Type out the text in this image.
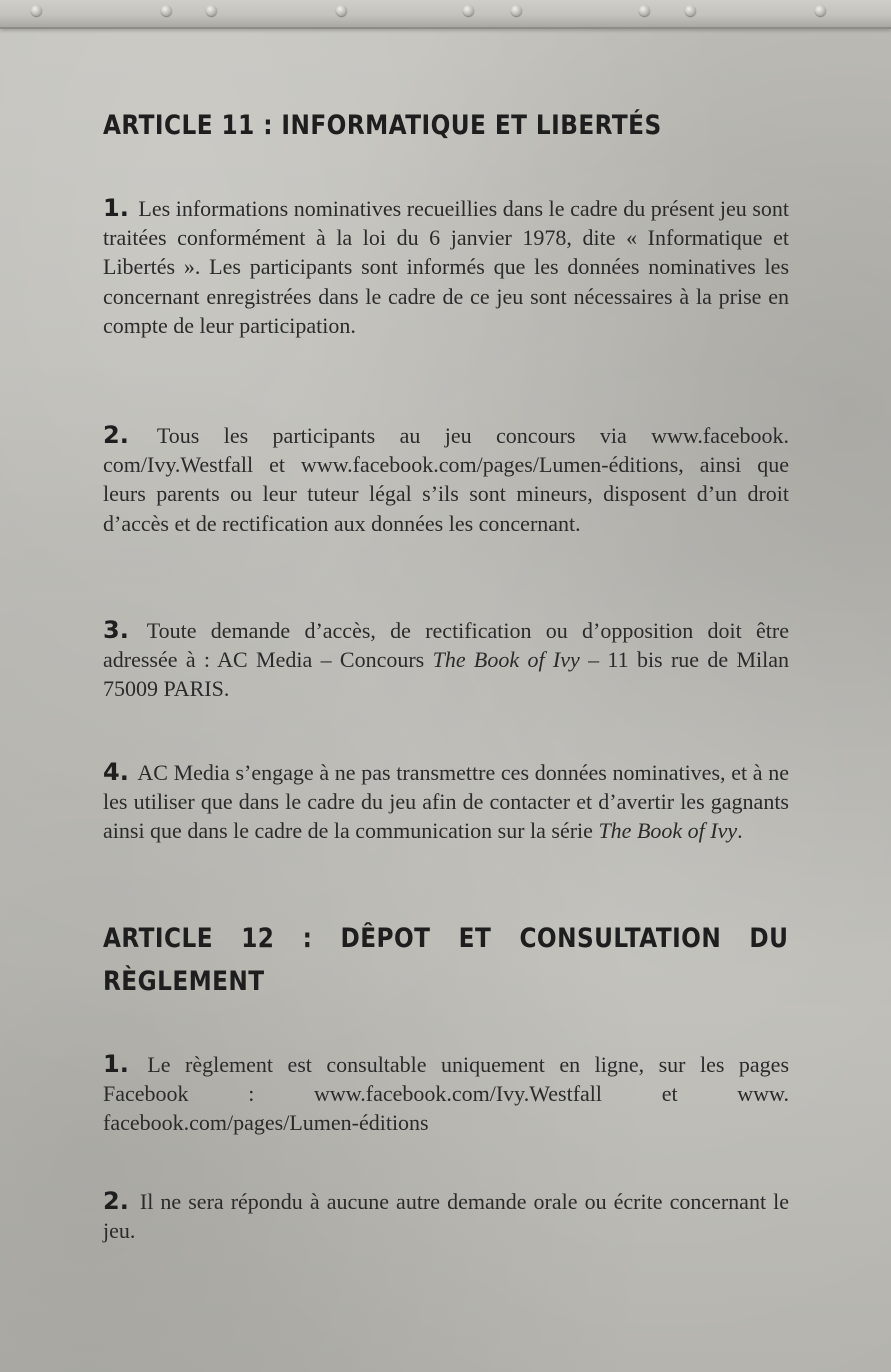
ARTICLE 11 : INFORMATIQUE ET LIBERTÉS

1. Les informations nominatives recueillies dans le cadre du présent jeu sont traitées conformément à la loi du 6 janvier 1978, dite « Informatique et Libertés ». Les participants sont informés que les données nominatives les concernant enregistrées dans le cadre de ce jeu sont nécessaires à la prise en compte de leur participation.

2. Tous les participants au jeu concours via www.facebook. com/Ivy.Westfall et www.facebook.com/pages/Lumen-éditions, ainsi que leurs parents ou leur tuteur légal s’ils sont mineurs, disposent d’un droit d’accès et de rectification aux données les concernant.

3. Toute demande d’accès, de rectification ou d’opposition doit être adressée à : AC Media – Concours The Book of Ivy – 11 bis rue de Milan 75009 PARIS.

4. AC Media s’engage à ne pas transmettre ces données nominatives, et à ne les utiliser que dans le cadre du jeu afin de contacter et d’avertir les gagnants ainsi que dans le cadre de la communication sur la série The Book of Ivy.

ARTICLE 12 : DÊPOT ET CONSULTATION DU RÈGLEMENT

1. Le règlement est consultable uniquement en ligne, sur les pages Facebook : www.facebook.com/Ivy.Westfall et www. facebook.com/pages/Lumen-éditions

2. Il ne sera répondu à aucune autre demande orale ou écrite concernant le jeu.
